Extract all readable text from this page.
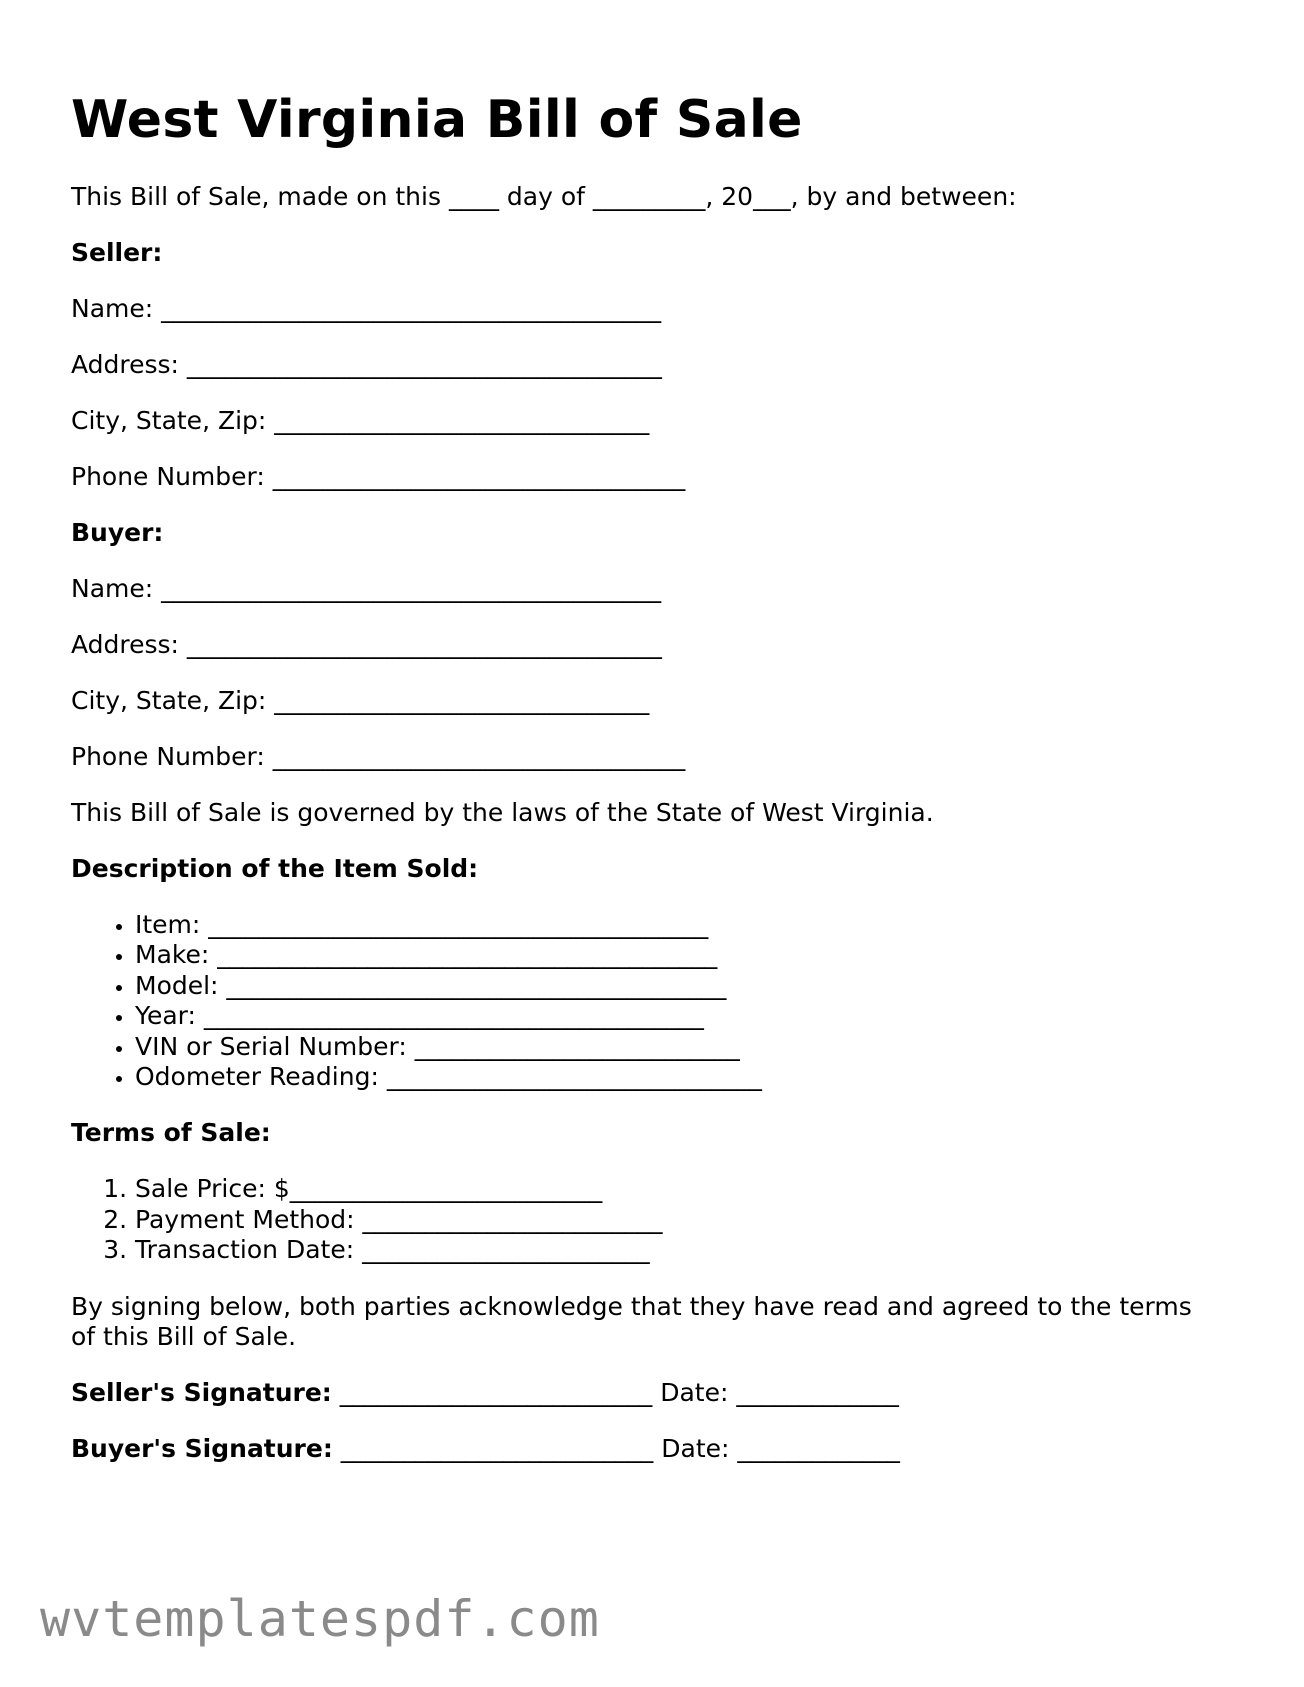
West Virginia Bill of Sale
This Bill of Sale, made on this ____ day of _________, 20___, by and between:
Seller:
Name: ________________________________________
Address: ______________________________________
City, State, Zip: ______________________________
Phone Number: _________________________________
Buyer:
Name: ________________________________________
Address: ______________________________________
City, State, Zip: ______________________________
Phone Number: _________________________________
This Bill of Sale is governed by the laws of the State of West Virginia.
Description of the Item Sold:
• Item: ________________________________________
• Make: ________________________________________
• Model: ________________________________________
• Year: ________________________________________
• VIN or Serial Number: __________________________
• Odometer Reading: ______________________________
Terms of Sale:
1. Sale Price: $_________________________
2. Payment Method: ________________________
3. Transaction Date: _______________________
By signing below, both parties acknowledge that they have read and agreed to the terms of this Bill of Sale.
Seller's Signature: _________________________ Date: _____________
Buyer's Signature: _________________________ Date: _____________
wvtemplatespdf.com
